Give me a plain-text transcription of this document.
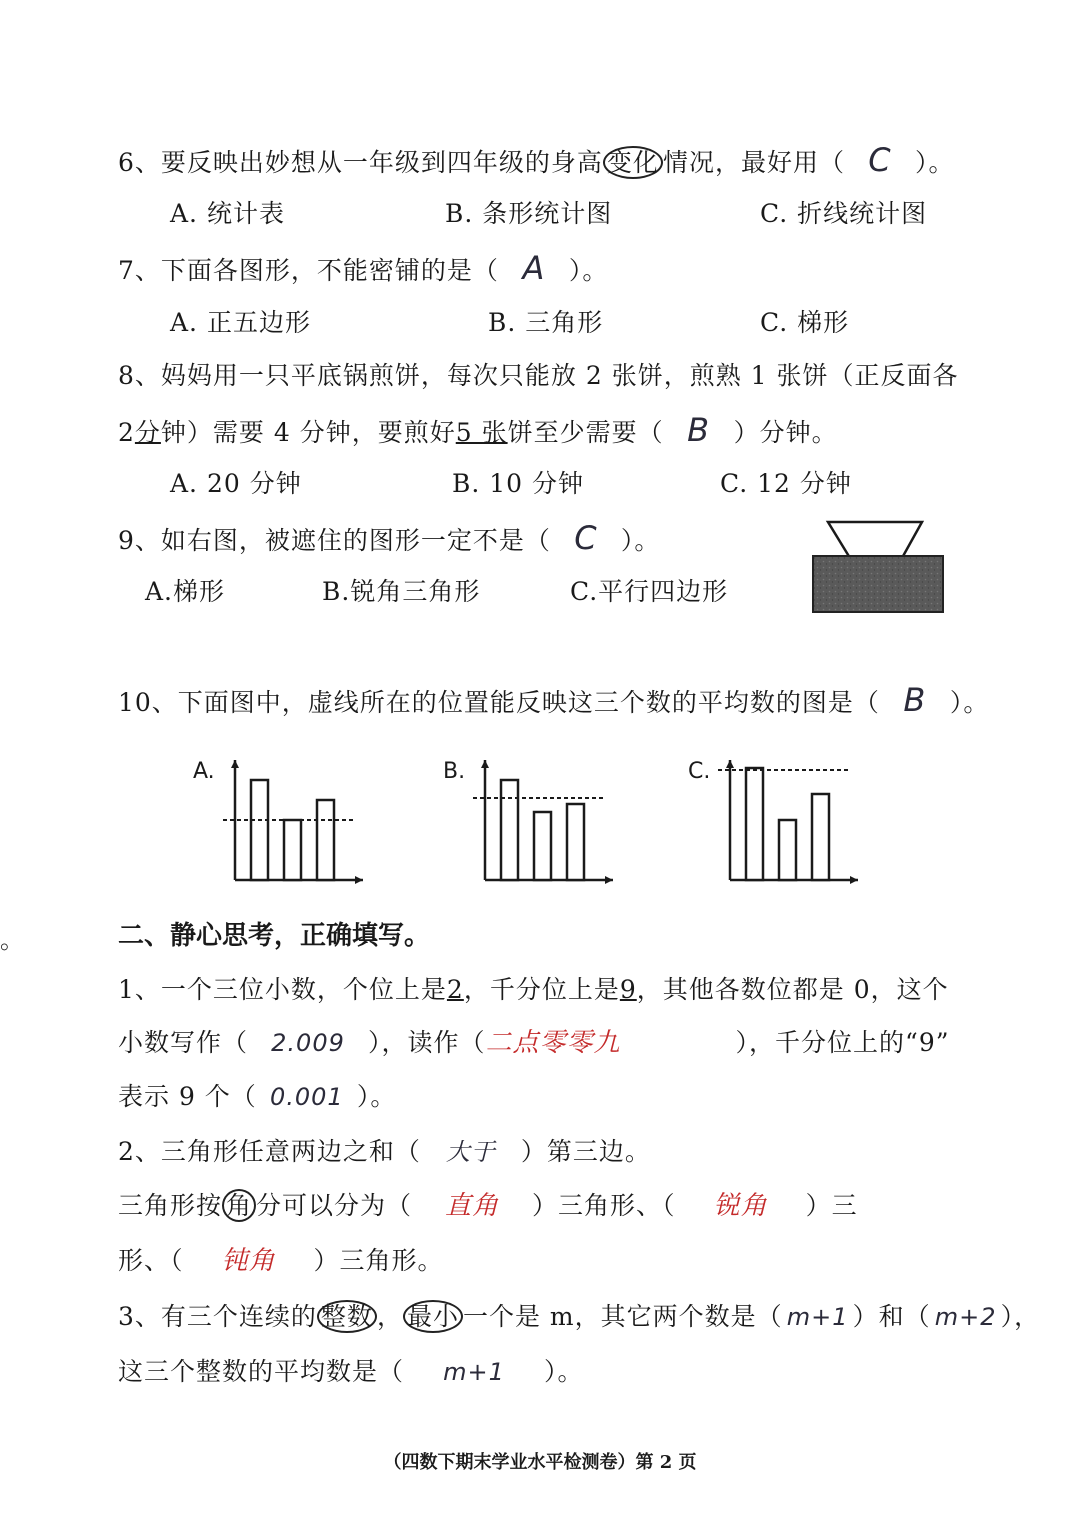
6、要反映出妙想从一年级到四年级的身高 变化 情况，最好用（ C ）。
A. 统计表	B. 条形统计图	C. 折线统计图
7、下面各图形，不能密铺的是（ A ）。
A. 正五边形	B. 三角形	C. 梯形
8、妈妈用一只平底锅煎饼，每次只能放 2 张饼，煎熟 1 张饼（正反面各
2分钟）需要 4 分钟，要煎好5 张饼至少需要（ B ）分钟。
A. 20 分钟	B. 10 分钟	C. 12 分钟
9、如右图，被遮住的图形一定不是（ C ）。
A.梯形	B.锐角三角形	C.平行四边形
10、下面图中，虚线所在的位置能反映这三个数的平均数的图是（ B ）。
A.	B.	C.
。	二、静心思考，正确填写。
1、一个三位小数，个位上是2，千分位上是9，其他各数位都是 0，这个
小数写作（ 2.009 ），读作（二点零零九	），千分位上的“9”
表示 9 个（ 0.001 ）。
2、三角形任意两边之和（ 大于 ）第三边。
三角形按 角 分可以分为（ 直角 ）三角形、（ 锐角 ）三
形、（ 钝角 ）三角形。
3、有三个连续的 整数 ， 最小 一个是 m，其它两个数是（ m+1 ）和（ m+2 ），
这三个整数的平均数是（ m+1 ）。
（四数下期末学业水平检测卷）第 2 页
